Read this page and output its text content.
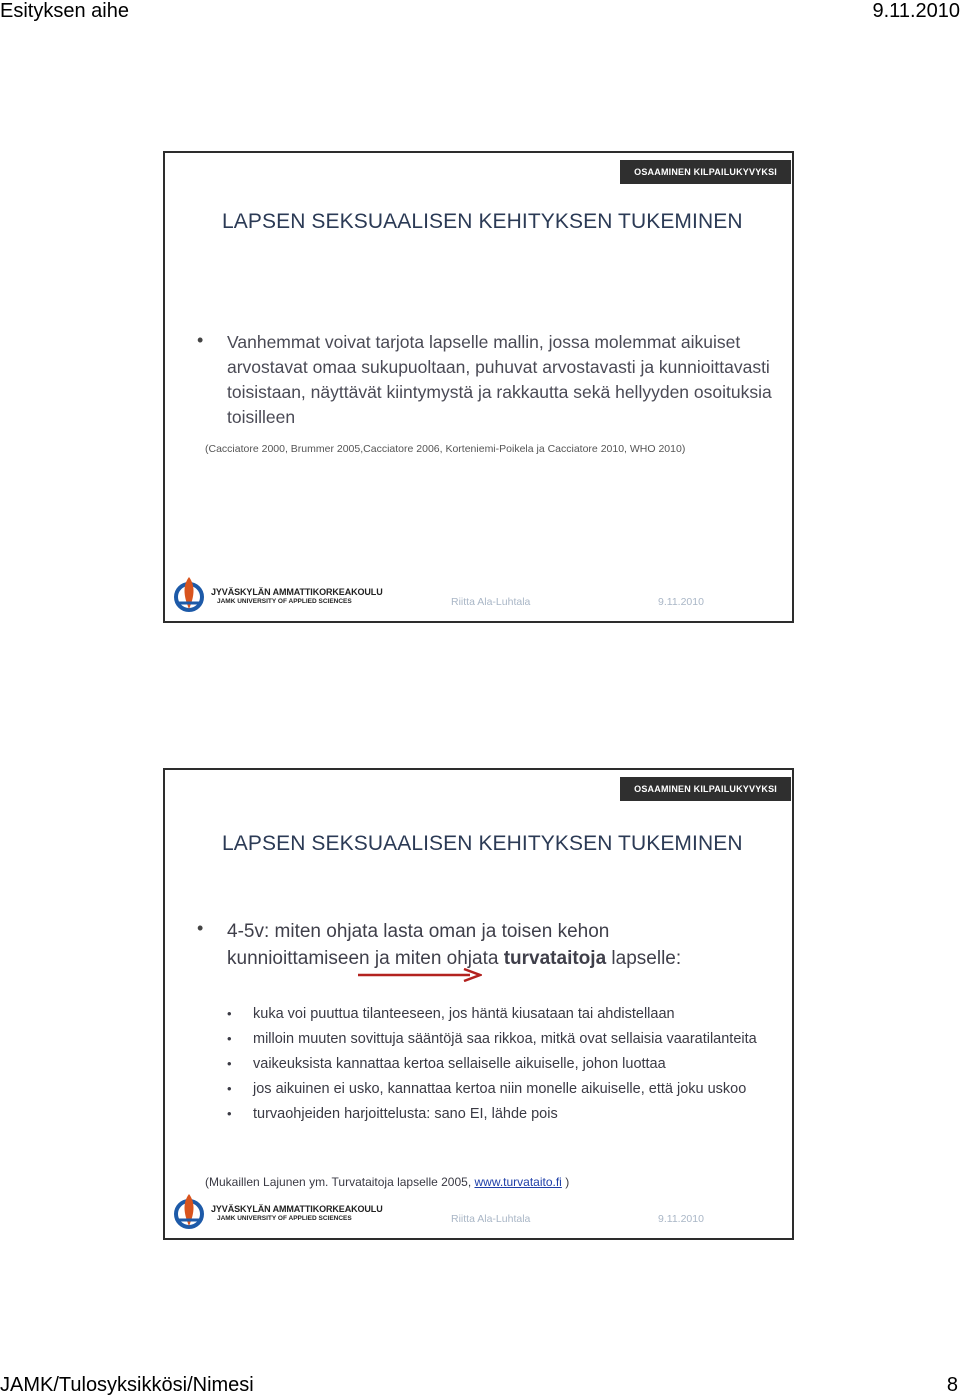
Esityksen aihe	9.11.2010
OSAAMINEN KILPAILUKYVYKSI
LAPSEN SEKSUAALISEN KEHITYKSEN TUKEMINEN
• Vanhemmat voivat tarjota lapselle mallin, jossa molemmat aikuiset arvostavat omaa sukupuoltaan, puhuvat arvostavasti ja kunnioittavasti toisistaan, näyttävät kiintymystä ja rakkautta sekä hellyyden osoituksia toisilleen
(Cacciatore 2000, Brummer 2005,Cacciatore 2006, Korteniemi-Poikela ja Cacciatore 2010, WHO 2010)
JYVÄSKYLÄN AMMATTIKORKEAKOULU
JAMK UNIVERSITY OF APPLIED SCIENCES	Riitta Ala-Luhtala	9.11.2010
OSAAMINEN KILPAILUKYVYKSI
LAPSEN SEKSUAALISEN KEHITYKSEN TUKEMINEN
• 4-5v: miten ohjata lasta oman ja toisen kehon
kunnioittamiseen ja miten ohjata turvataitoja lapselle:
• kuka voi puuttua tilanteeseen, jos häntä kiusataan tai ahdistellaan
• milloin muuten sovittuja sääntöjä saa rikkoa, mitkä ovat sellaisia vaaratilanteita
• vaikeuksista kannattaa kertoa sellaiselle aikuiselle, johon luottaa
• jos aikuinen ei usko, kannattaa kertoa niin monelle aikuiselle, että joku uskoo
• turvaohjeiden harjoittelusta: sano EI, lähde pois
(Mukaillen Lajunen ym. Turvataitoja lapselle 2005, www.turvataito.fi )
JYVÄSKYLÄN AMMATTIKORKEAKOULU
JAMK UNIVERSITY OF APPLIED SCIENCES	Riitta Ala-Luhtala	9.11.2010
JAMK/Tulosyksikkösi/Nimesi	8
